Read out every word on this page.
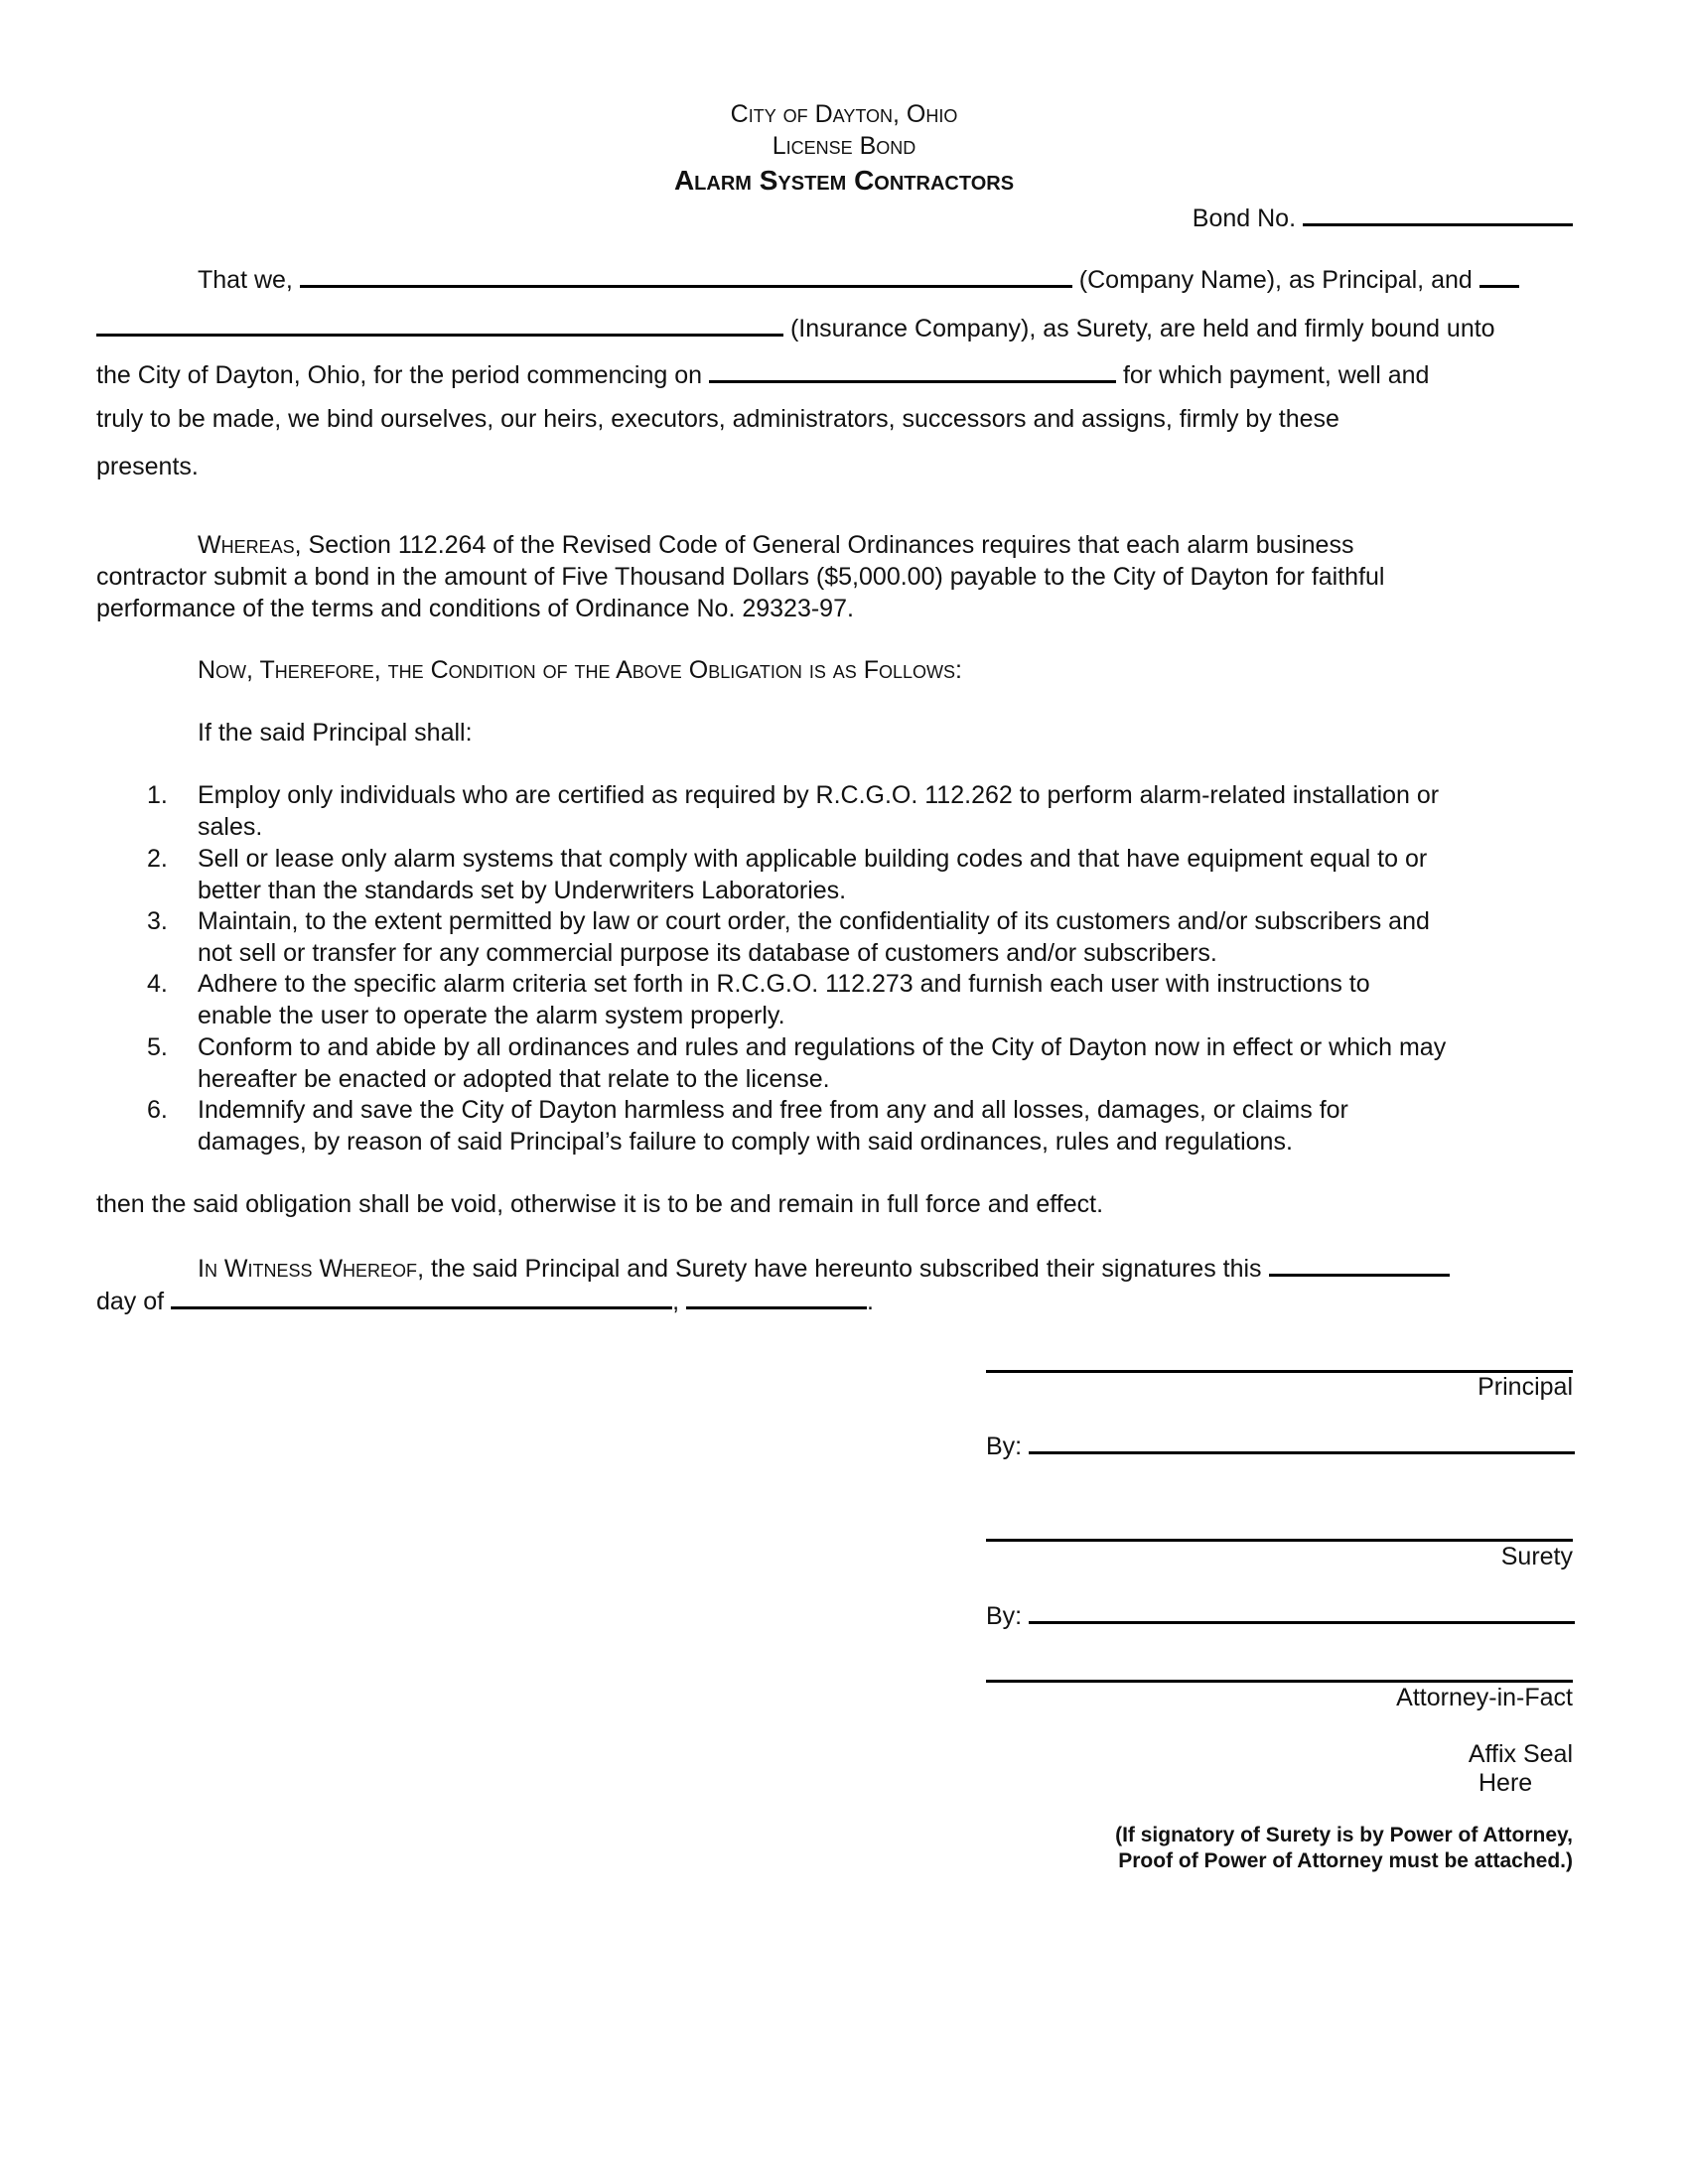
City of Dayton, Ohio
License Bond
Alarm System Contractors
Bond No.
That we,	(Company Name), as Principal, and
(Insurance Company), as Surety, are held and firmly bound unto
the City of Dayton, Ohio, for the period commencing on	for which payment, well and
truly to be made, we bind ourselves, our heirs, executors, administrators, successors and assigns, firmly by these
presents.
Whereas, Section 112.264 of the Revised Code of General Ordinances requires that each alarm business
contractor submit a bond in the amount of Five Thousand Dollars ($5,000.00) payable to the City of Dayton for faithful
performance of the terms and conditions of Ordinance No. 29323-97.
Now, Therefore, the Condition of the Above Obligation is as Follows:
If the said Principal shall:
1. Employ only individuals who are certified as required by R.C.G.O. 112.262 to perform alarm-related installation or
sales.
2. Sell or lease only alarm systems that comply with applicable building codes and that have equipment equal to or
better than the standards set by Underwriters Laboratories.
3. Maintain, to the extent permitted by law or court order, the confidentiality of its customers and/or subscribers and
not sell or transfer for any commercial purpose its database of customers and/or subscribers.
4. Adhere to the specific alarm criteria set forth in R.C.G.O. 112.273 and furnish each user with instructions to
enable the user to operate the alarm system properly.
5. Conform to and abide by all ordinances and rules and regulations of the City of Dayton now in effect or which may
hereafter be enacted or adopted that relate to the license.
6. Indemnify and save the City of Dayton harmless and free from any and all losses, damages, or claims for
damages, by reason of said Principal’s failure to comply with said ordinances, rules and regulations.
then the said obligation shall be void, otherwise it is to be and remain in full force and effect.
In Witness Whereof, the said Principal and Surety have hereunto subscribed their signatures this
day of	,	.
Principal
By:
Surety
By:
Attorney-in-Fact
Affix Seal
Here
(If signatory of Surety is by Power of Attorney,
Proof of Power of Attorney must be attached.)
